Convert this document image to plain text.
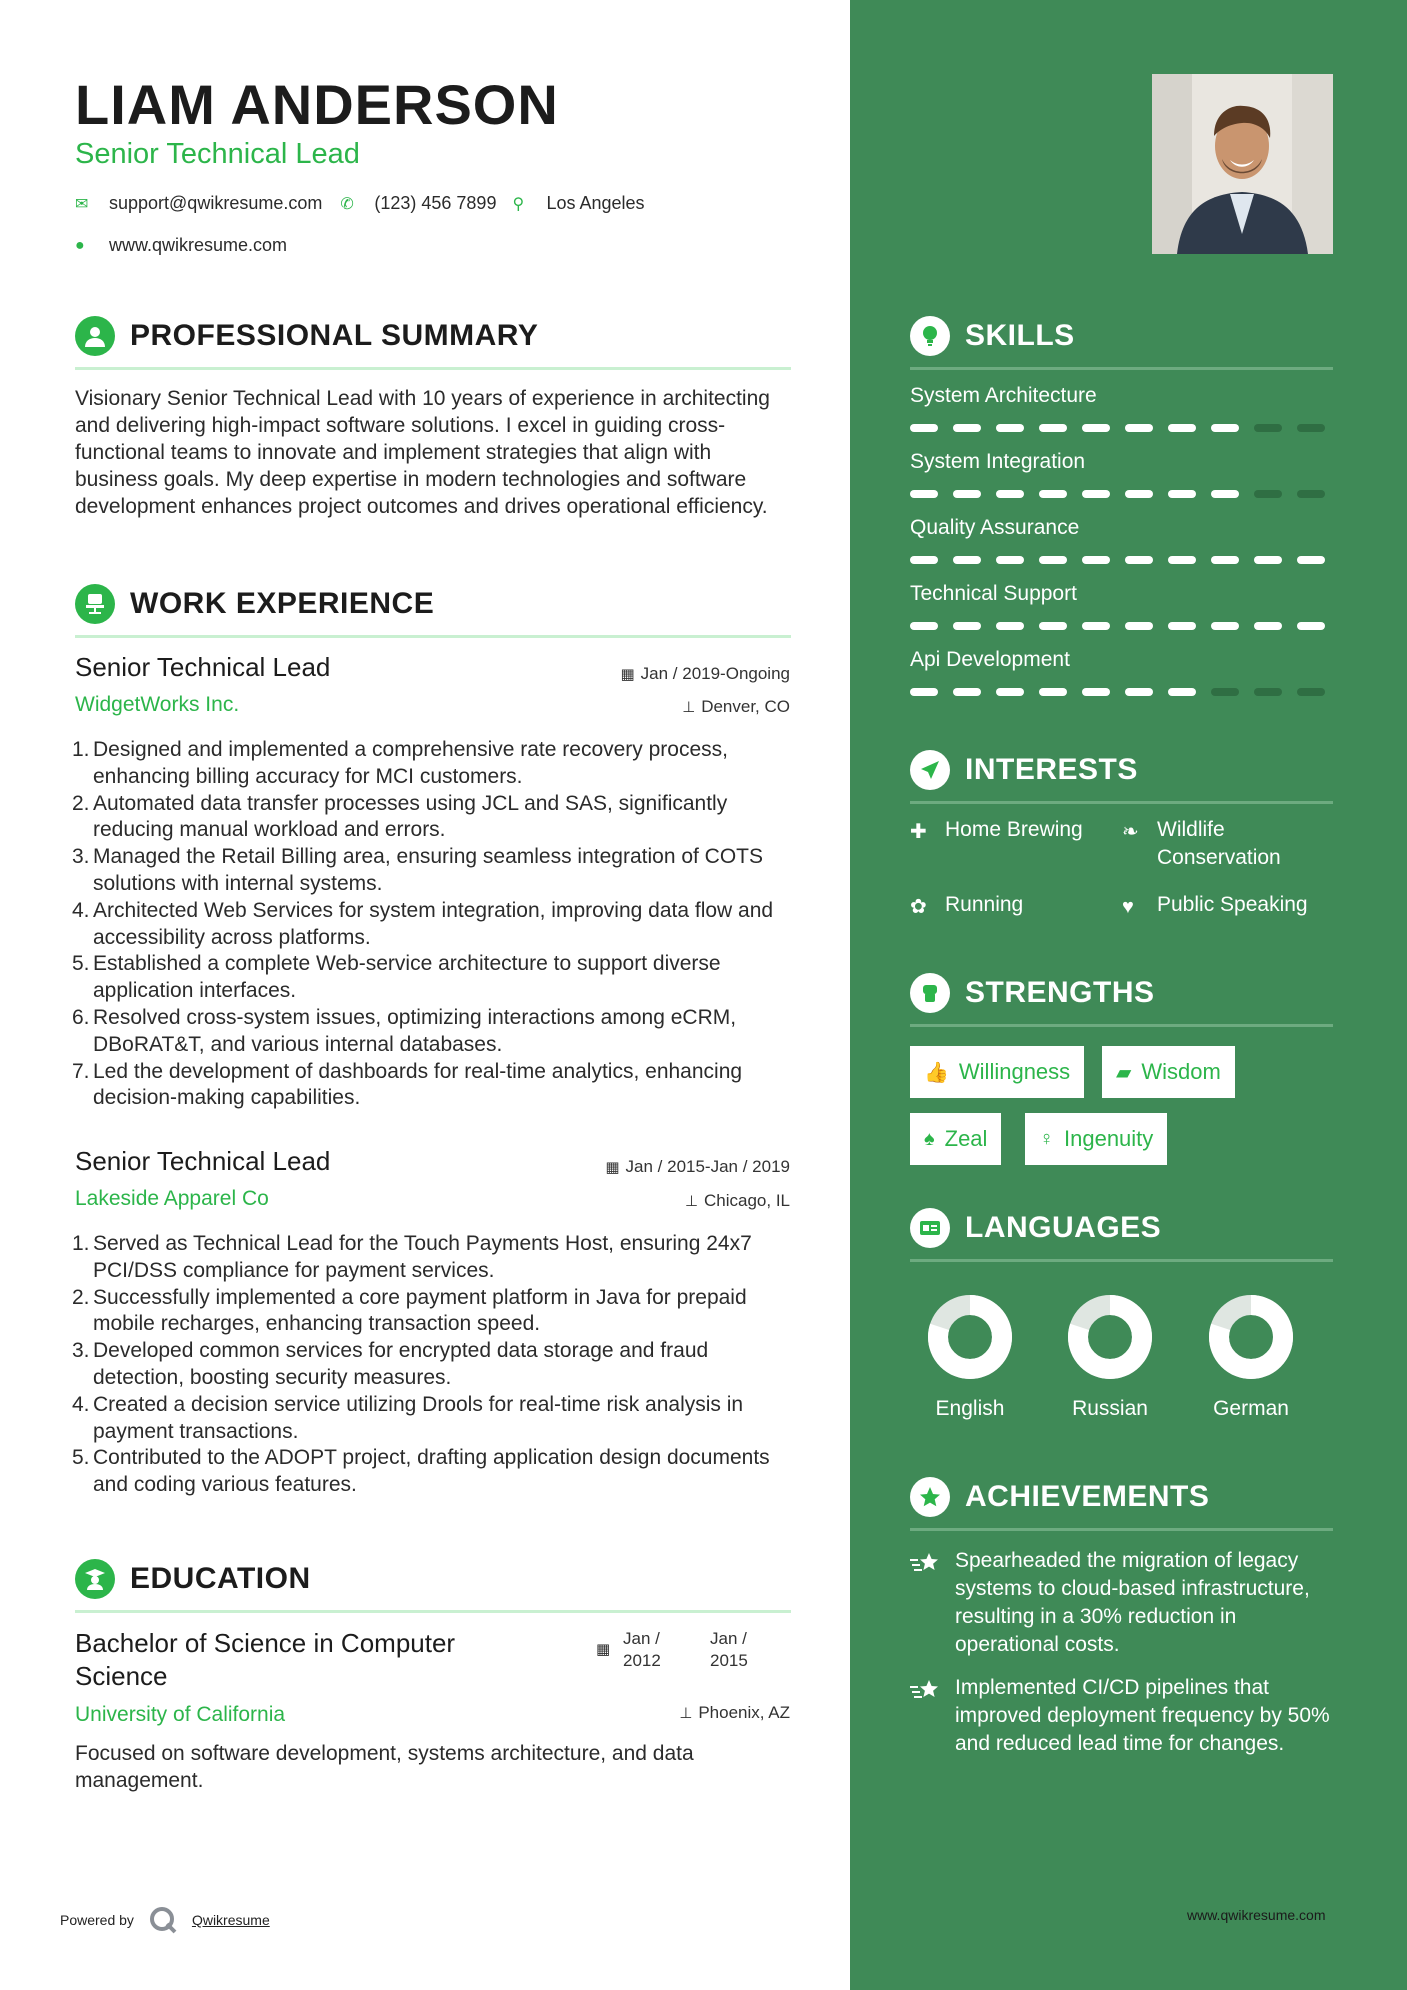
LIAM ANDERSON
Senior Technical Lead
✉	support@qwikresume.com ✆	(123) 456 7899 ⚲	Los Angeles
●	www.qwikresume.com
PROFESSIONAL SUMMARY
Visionary Senior Technical Lead with 10 years of experience in architecting and delivering high-impact software solutions. I excel in guiding cross-functional teams to innovate and implement strategies that align with business goals. My deep expertise in modern technologies and software development enhances project outcomes and drives operational efficiency.
WORK EXPERIENCE
Senior Technical Lead
WidgetWorks Inc.
▦ Jan / 2019-Ongoing
⊥ Denver, CO
1. Designed and implemented a comprehensive rate recovery process, enhancing billing accuracy for MCI customers.
2. Automated data transfer processes using JCL and SAS, significantly reducing manual workload and errors.
3. Managed the Retail Billing area, ensuring seamless integration of COTS solutions with internal systems.
4. Architected Web Services for system integration, improving data flow and accessibility across platforms.
5. Established a complete Web-service architecture to support diverse application interfaces.
6. Resolved cross-system issues, optimizing interactions among eCRM, DBoRAT&T, and various internal databases.
7. Led the development of dashboards for real-time analytics, enhancing decision-making capabilities.
Senior Technical Lead
Lakeside Apparel Co
▦ Jan / 2015-Jan / 2019
⊥ Chicago, IL
1. Served as Technical Lead for the Touch Payments Host, ensuring 24x7 PCI/DSS compliance for payment services.
2. Successfully implemented a core payment platform in Java for prepaid mobile recharges, enhancing transaction speed.
3. Developed common services for encrypted data storage and fraud detection, boosting security measures.
4. Created a decision service utilizing Drools for real-time risk analysis in payment transactions.
5. Contributed to the ADOPT project, drafting application design documents and coding various features.
EDUCATION
Bachelor of Science in Computer Science
University of California
▦
Jan / 2012
Jan / 2015
⊥ Phoenix, AZ
Focused on software development, systems architecture, and data management.
SKILLS
System Architecture
System Integration
Quality Assurance
Technical Support
Api Development
INTERESTS
✚ Home Brewing	❧ Wildlife Conservation
✿ Running	♥ Public Speaking
STRENGTHS
👍 Willingness ▰ Wisdom
♠ Zeal	♀ Ingenuity
LANGUAGES
English	Russian	German
ACHIEVEMENTS
Spearheaded the migration of legacy systems to cloud-based infrastructure, resulting in a 30% reduction in operational costs.
Implemented CI/CD pipelines that improved deployment frequency by 50% and reduced lead time for changes.
Powered by	Qwikresume	www.qwikresume.com
